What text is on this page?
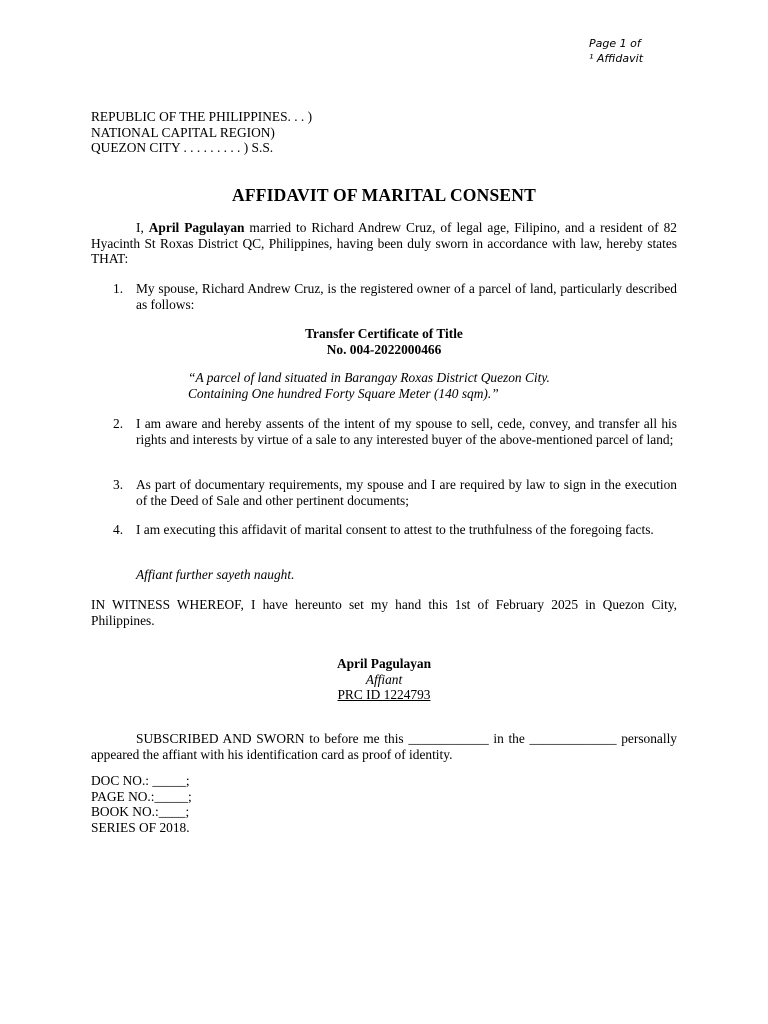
Page 1 of
¹ Affidavit
REPUBLIC OF THE PHILIPPINES. . . )
NATIONAL CAPITAL REGION)
QUEZON CITY . . . . . . . . . ) S.S.
AFFIDAVIT OF MARITAL CONSENT
I, April Pagulayan married to Richard Andrew Cruz, of legal age, Filipino, and a resident of 82 Hyacinth St Roxas District QC, Philippines, having been duly sworn in accordance with law, hereby states THAT:
1. My spouse, Richard Andrew Cruz, is the registered owner of a parcel of land, particularly described as follows:
Transfer Certificate of Title
No. 004-2022000466
“A parcel of land situated in Barangay Roxas District Quezon City.
Containing One hundred Forty Square Meter (140 sqm).”
2. I am aware and hereby assents of the intent of my spouse to sell, cede, convey, and transfer all his rights and interests by virtue of a sale to any interested buyer of the above-mentioned parcel of land;
3. As part of documentary requirements, my spouse and I are required by law to sign in the execution of the Deed of Sale and other pertinent documents;
4. I am executing this affidavit of marital consent to attest to the truthfulness of the foregoing facts.
Affiant further sayeth naught.
IN WITNESS WHEREOF, I have hereunto set my hand this 1st of February 2025 in Quezon City, Philippines.
April Pagulayan
Affiant
PRC ID 1224793
SUBSCRIBED AND SWORN to before me this ____________ in the _____________ personally appeared the affiant with his identification card as proof of identity.
DOC NO.: _____;
PAGE NO.:_____;
BOOK NO.:____;
SERIES OF 2018.
